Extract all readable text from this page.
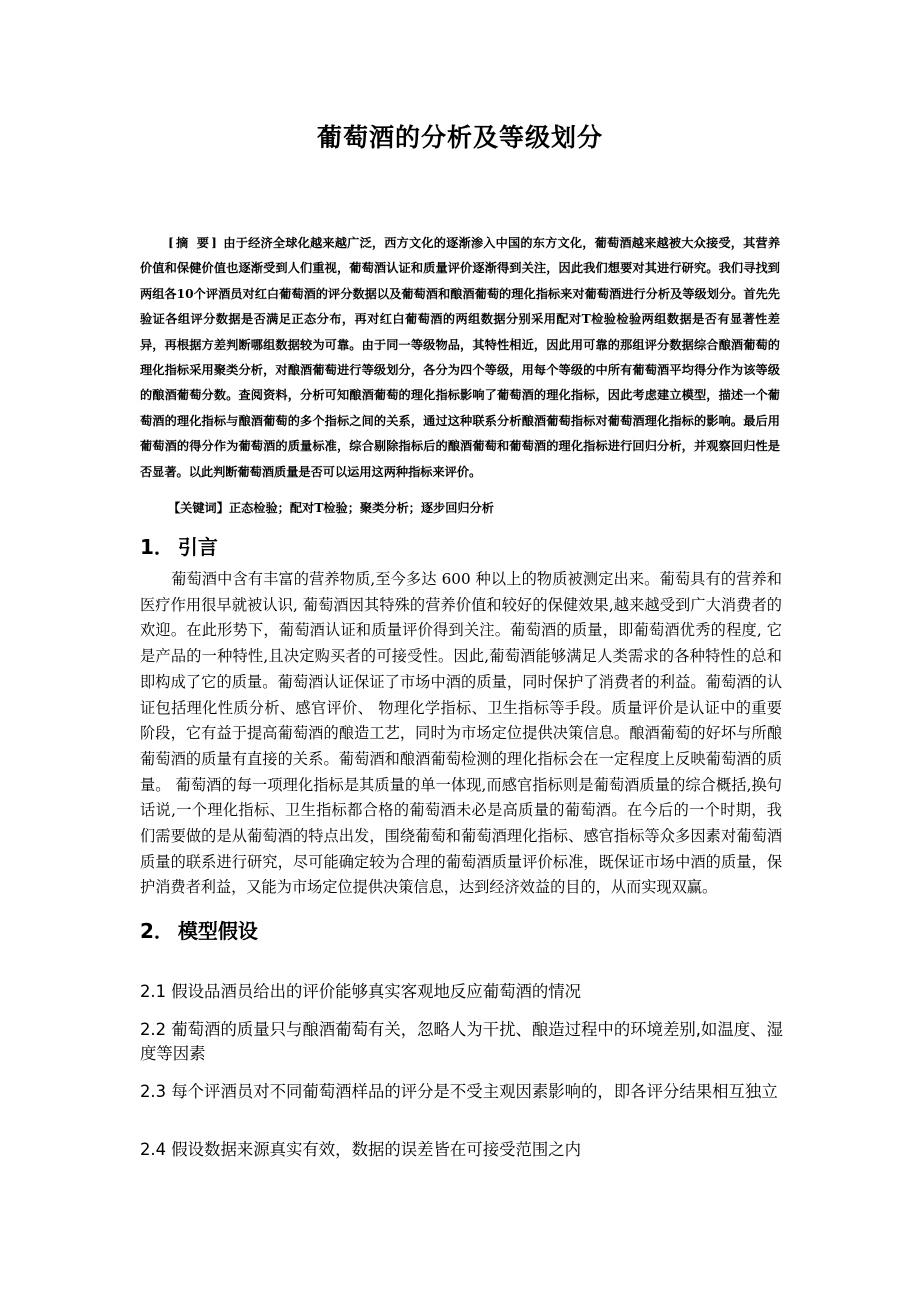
葡萄酒的分析及等级划分

[摘 要] 由于经济全球化越来越广泛，西方文化的逐渐渗入中国的东方文化，葡萄酒越来越被大众接受，其营养价值和保健价值也逐渐受到人们重视，葡萄酒认证和质量评价逐渐得到关注，因此我们想要对其进行研究。我们寻找到两组各10个评酒员对红白葡萄酒的评分数据以及葡萄酒和酿酒葡萄的理化指标来对葡萄酒进行分析及等级划分。首先先验证各组评分数据是否满足正态分布，再对红白葡萄酒的两组数据分别采用配对T检验检验两组数据是否有显著性差异，再根据方差判断哪组数据较为可靠。由于同一等级物品，其特性相近，因此用可靠的那组评分数据综合酿酒葡萄的理化指标采用聚类分析，对酿酒葡萄进行等级划分，各分为四个等级，用每个等级的中所有葡萄酒平均得分作为该等级的酿酒葡萄分数。查阅资料，分析可知酿酒葡萄的理化指标影响了葡萄酒的理化指标，因此考虑建立模型，描述一个葡萄酒的理化指标与酿酒葡萄的多个指标之间的关系，通过这种联系分析酿酒葡萄指标对葡萄酒理化指标的影响。最后用葡萄酒的得分作为葡萄酒的质量标准，综合剔除指标后的酿酒葡萄和葡萄酒的理化指标进行回归分析，并观察回归性是否显著。以此判断葡萄酒质量是否可以运用这两种指标来评价。

【关键词】正态检验；配对T检验；聚类分析；逐步回归分析
1． 引言

葡萄酒中含有丰富的营养物质,至今多达 600 种以上的物质被测定出来。葡萄具有的营养和医疗作用很早就被认识, 葡萄酒因其特殊的营养价值和较好的保健效果,越来越受到广大消费者的欢迎。在此形势下，葡萄酒认证和质量评价得到关注。葡萄酒的质量，即葡萄酒优秀的程度, 它是产品的一种特性,且决定购买者的可接受性。因此,葡萄酒能够满足人类需求的各种特性的总和即构成了它的质量。葡萄酒认证保证了市场中酒的质量，同时保护了消费者的利益。葡萄酒的认证包括理化性质分析、感官评价、 物理化学指标、卫生指标等手段。质量评价是认证中的重要阶段，它有益于提高葡萄酒的酿造工艺，同时为市场定位提供决策信息。酿酒葡萄的好坏与所酿葡萄酒的质量有直接的关系。葡萄酒和酿酒葡萄检测的理化指标会在一定程度上反映葡萄酒的质量。 葡萄酒的每一项理化指标是其质量的单一体现,而感官指标则是葡萄酒质量的综合概括,换句话说,一个理化指标、卫生指标都合格的葡萄酒未必是高质量的葡萄酒。在今后的一个时期，我们需要做的是从葡萄酒的特点出发，围绕葡萄和葡萄酒理化指标、感官指标等众多因素对葡萄酒质量的联系进行研究，尽可能确定较为合理的葡萄酒质量评价标准，既保证市场中酒的质量，保护消费者利益，又能为市场定位提供决策信息，达到经济效益的目的，从而实现双赢。

2． 模型假设

2.1 假设品酒员给出的评价能够真实客观地反应葡萄酒的情况

2.2 葡萄酒的质量只与酿酒葡萄有关，忽略人为干扰、酿造过程中的环境差别,如温度、湿度等因素

2.3 每个评酒员对不同葡萄酒样品的评分是不受主观因素影响的，即各评分结果相互独立

2.4 假设数据来源真实有效，数据的误差皆在可接受范围之内
